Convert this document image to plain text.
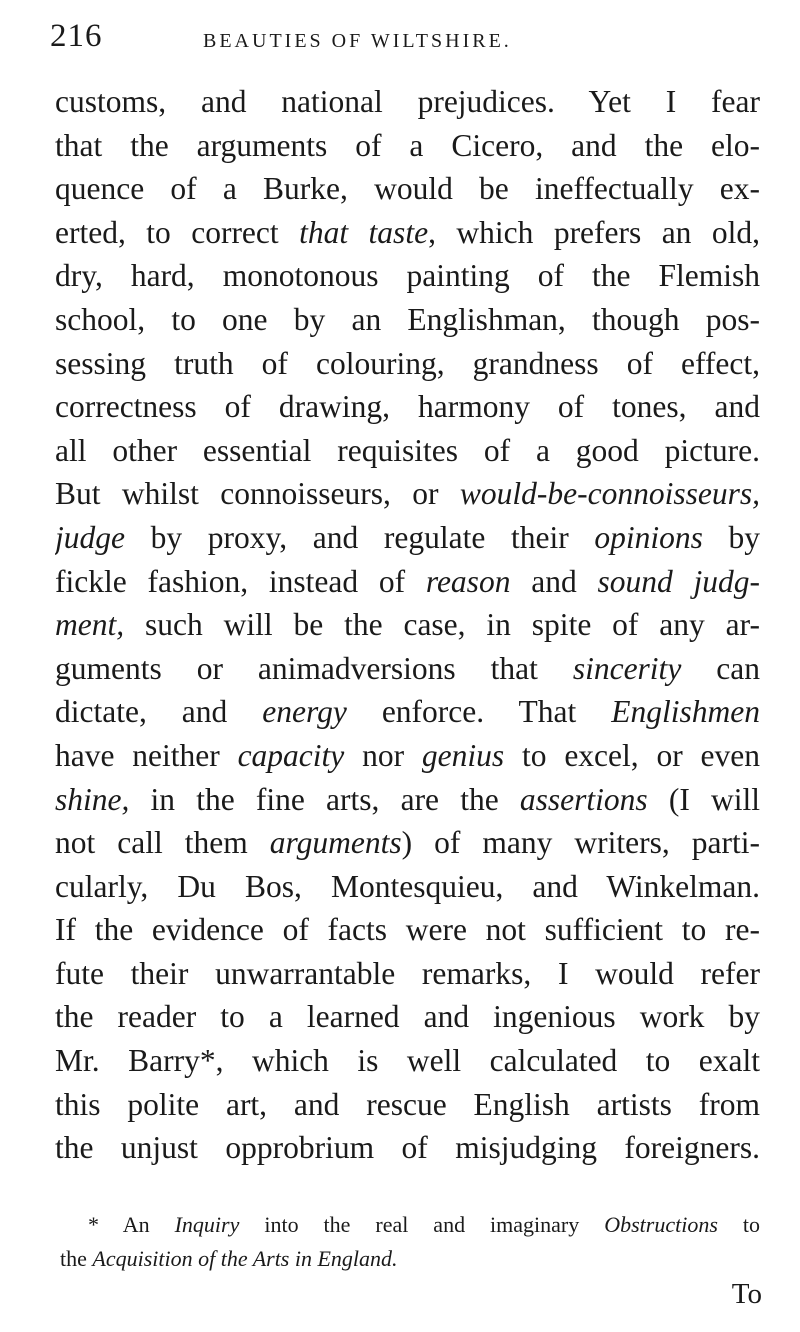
216	BEAUTIES OF WILTSHIRE.
customs, and national prejudices. Yet I fear
that the arguments of a Cicero, and the elo-
quence of a Burke, would be ineffectually ex-
erted, to correct that taste, which prefers an old,
dry, hard, monotonous painting of the Flemish
school, to one by an Englishman, though pos-
sessing truth of colouring, grandness of effect,
correctness of drawing, harmony of tones, and
all other essential requisites of a good picture.
But whilst connoisseurs, or would-be-connoisseurs,
judge by proxy, and regulate their opinions by
fickle fashion, instead of reason and sound judg-
ment, such will be the case, in spite of any ar-
guments or animadversions that sincerity can
dictate, and energy enforce. That Englishmen
have neither capacity nor genius to excel, or even
shine, in the fine arts, are the assertions (I will
not call them arguments) of many writers, parti-
cularly, Du Bos, Montesquieu, and Winkelman.
If the evidence of facts were not sufficient to re-
fute their unwarrantable remarks, I would refer
the reader to a learned and ingenious work by
Mr. Barry*, which is well calculated to exalt
this polite art, and rescue English artists from
the unjust opprobrium of misjudging foreigners.
* An Inquiry into the real and imaginary Obstructions to
the Acquisition of the Arts in England.
To
